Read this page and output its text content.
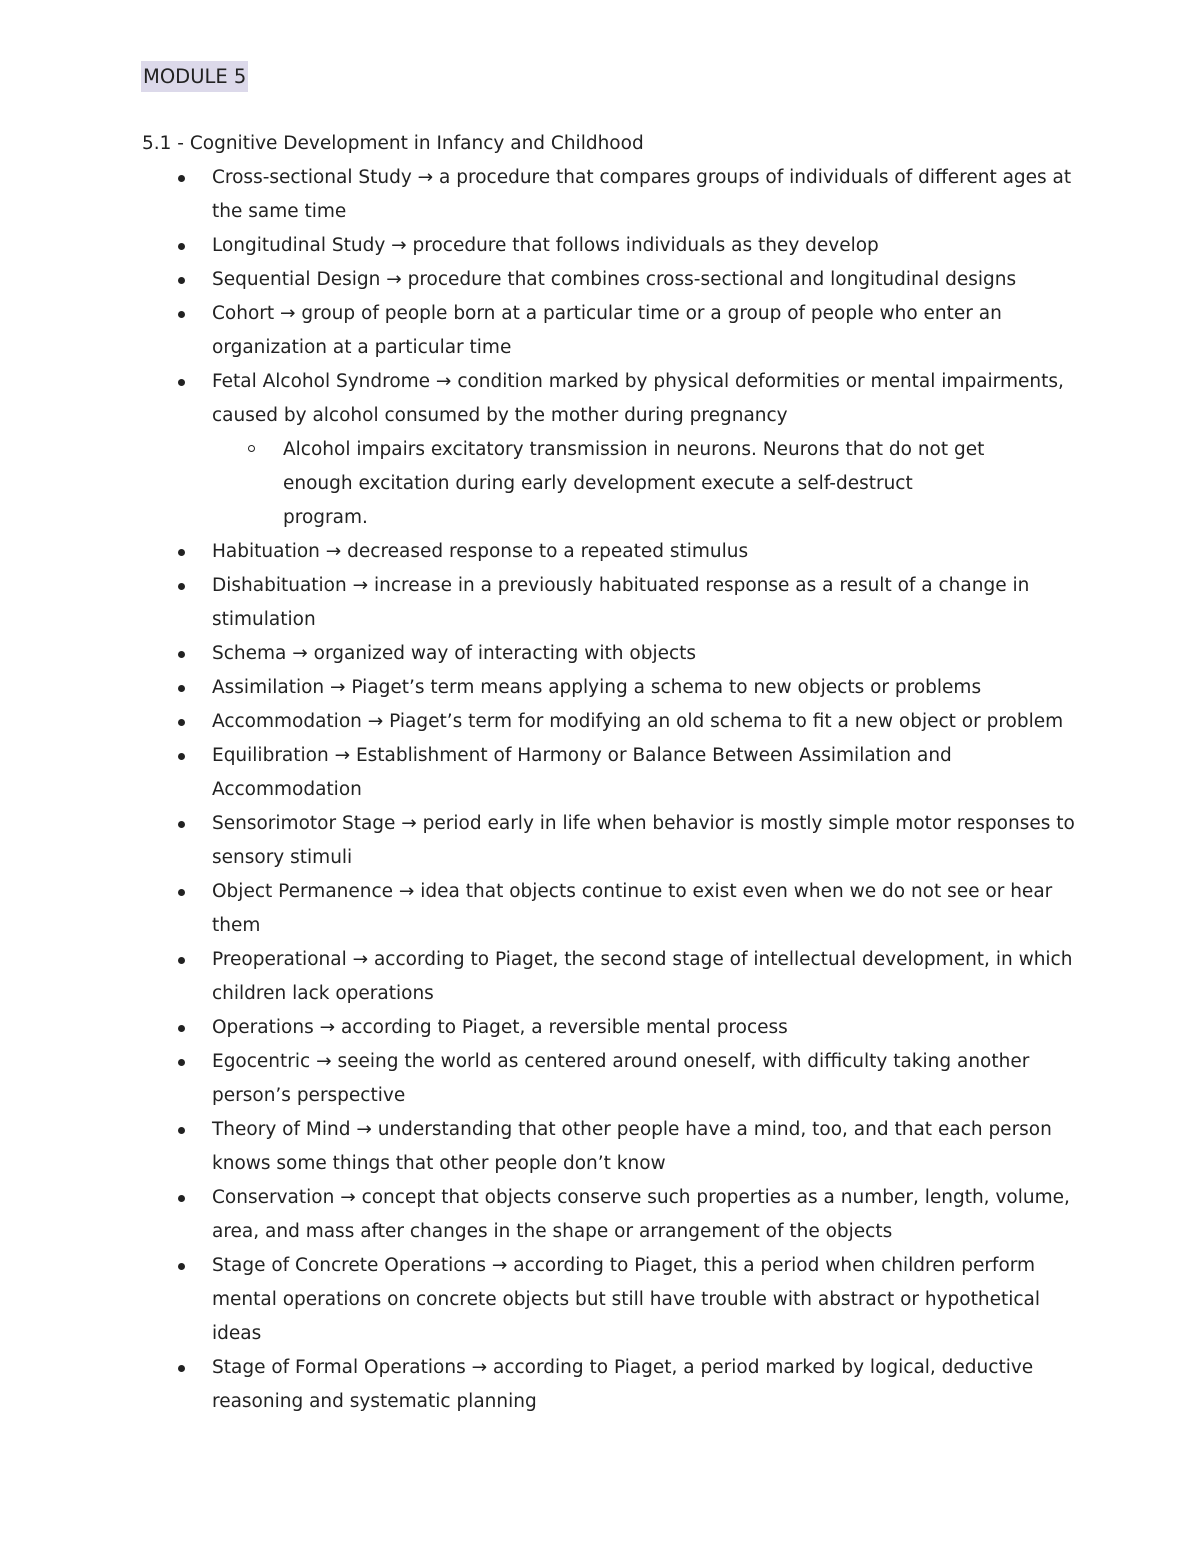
MODULE 5
5.1 - Cognitive Development in Infancy and Childhood
Cross-sectional Study → a procedure that compares groups of individuals of different ages at the same time
Longitudinal Study → procedure that follows individuals as they develop
Sequential Design → procedure that combines cross-sectional and longitudinal designs
Cohort → group of people born at a particular time or a group of people who enter an organization at a particular time
Fetal Alcohol Syndrome → condition marked by physical deformities or mental impairments, caused by alcohol consumed by the mother during pregnancy
Alcohol impairs excitatory transmission in neurons. Neurons that do not get enough excitation during early development execute a self-destruct program.
Habituation → decreased response to a repeated stimulus
Dishabituation → increase in a previously habituated response as a result of a change in stimulation
Schema → organized way of interacting with objects
Assimilation → Piaget’s term means applying a schema to new objects or problems
Accommodation → Piaget’s term for modifying an old schema to fit a new object or problem
Equilibration → Establishment of Harmony or Balance Between Assimilation and Accommodation
Sensorimotor Stage → period early in life when behavior is mostly simple motor responses to sensory stimuli
Object Permanence → idea that objects continue to exist even when we do not see or hear them
Preoperational → according to Piaget, the second stage of intellectual development, in which children lack operations
Operations → according to Piaget, a reversible mental process
Egocentric → seeing the world as centered around oneself, with difficulty taking another person’s perspective
Theory of Mind → understanding that other people have a mind, too, and that each person knows some things that other people don’t know
Conservation → concept that objects conserve such properties as a number, length, volume, area, and mass after changes in the shape or arrangement of the objects
Stage of Concrete Operations → according to Piaget, this a period when children perform mental operations on concrete objects but still have trouble with abstract or hypothetical ideas
Stage of Formal Operations → according to Piaget, a period marked by logical, deductive reasoning and systematic planning
